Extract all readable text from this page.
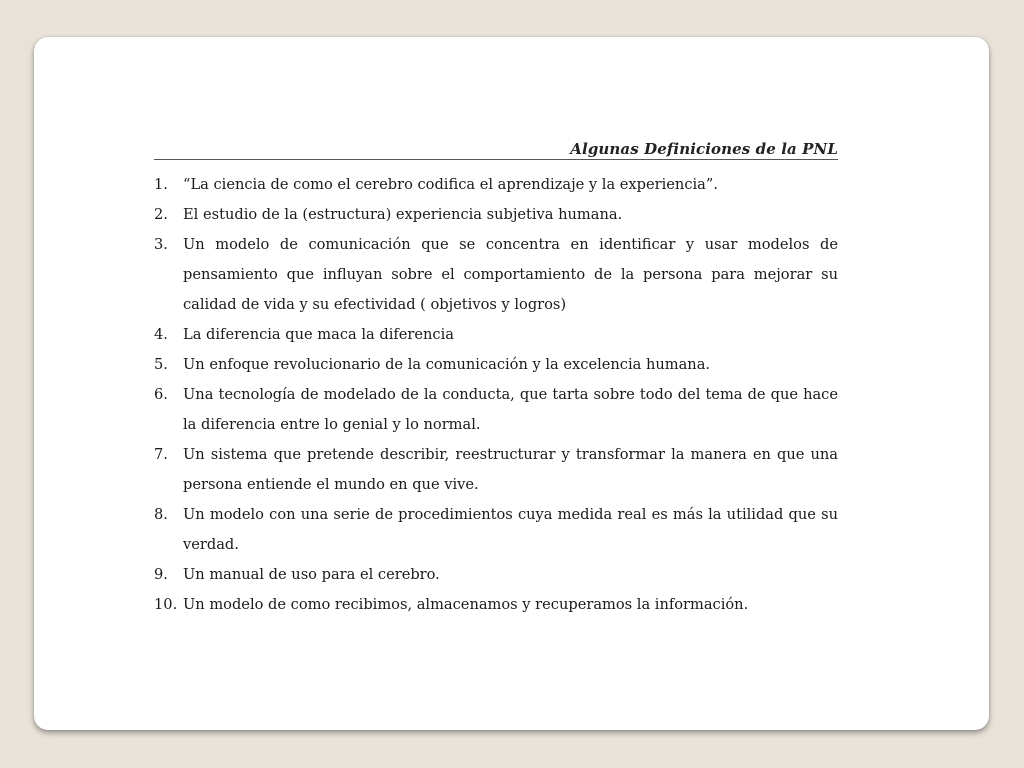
Algunas Definiciones de la PNL
1.	“La ciencia de como el cerebro codifica el aprendizaje y la experiencia”.
2.	El estudio de la (estructura) experiencia subjetiva humana.
3.	Un modelo de comunicación que se concentra en identificar y usar modelos de pensamiento que influyan sobre el comportamiento de la persona para mejorar su calidad de vida y su efectividad ( objetivos y logros)
4.	La diferencia que maca la diferencia
5.	Un enfoque revolucionario de la comunicación y la excelencia humana.
6.	Una tecnología de modelado de la conducta, que tarta sobre todo del tema de que hace la diferencia entre lo genial y lo normal.
7.	Un sistema que pretende describir, reestructurar y transformar la manera en que una persona entiende el mundo en que vive.
8.	Un modelo con una serie de procedimientos cuya medida real es más la utilidad que su verdad.
9.	Un manual de uso para el cerebro.
10. Un modelo de como recibimos, almacenamos y recuperamos la información.
